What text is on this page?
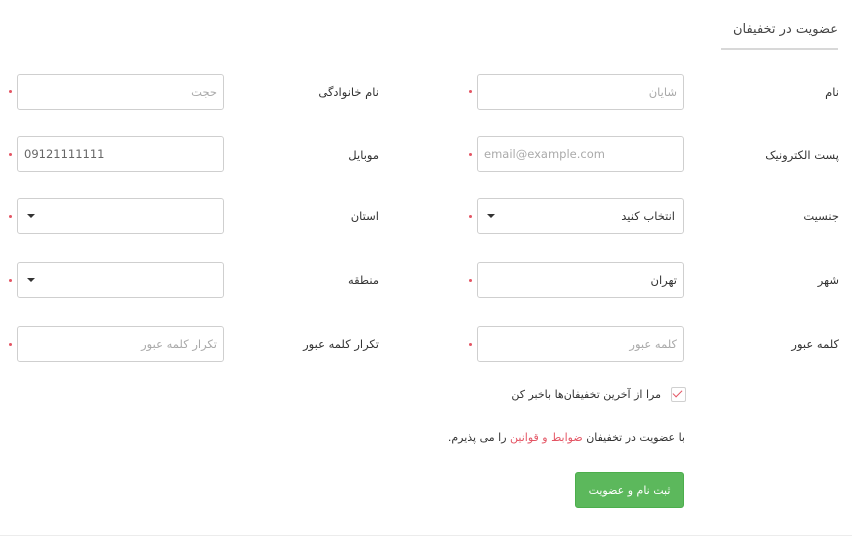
عضویت در تخفیفان
نام
شایان
نام خانوادگی
حجت
پست الکترونیک
email@example.com
موبایل
09121111111
جنسیت
انتخاب کنید
استان
شهر
تهران
منطقه
کلمه عبور
تکرار کلمه عبور
مرا از آخرین تخفیفان‌ها باخبر کن
با عضویت در تخفیفان ضوابط و قوانین را می پذیرم.
ثبت نام و عضویت
